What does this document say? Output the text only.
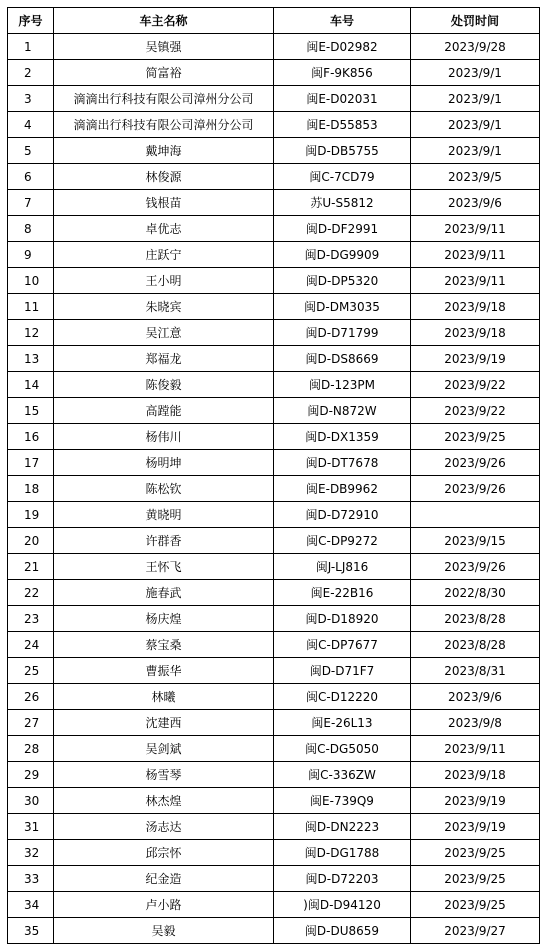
序号	车主名称	车号	处罚时间
1	吴镇强	闽E-D02982	2023/9/28
2	简富裕	闽F-9K856	2023/9/1
3	滴滴出行科技有限公司漳州分公司	闽E-D02031	2023/9/1
4	滴滴出行科技有限公司漳州分公司	闽E-D55853	2023/9/1
5	戴坤海	闽D-DB5755	2023/9/1
6	林俊源	闽C-7CD79	2023/9/5
7	钱根苗	苏U-S5812	2023/9/6
8	卓优志	闽D-DF2991	2023/9/11
9	庄跃宁	闽D-DG9909	2023/9/11
10	王小明	闽D-DP5320	2023/9/11
11	朱晓宾	闽D-DM3035	2023/9/18
12	吴江意	闽D-D71799	2023/9/18
13	郑福龙	闽D-DS8669	2023/9/19
14	陈俊毅	闽D-123PM	2023/9/22
15	高蹚能	闽D-N872W	2023/9/22
16	杨伟川	闽D-DX1359	2023/9/25
17	杨明坤	闽D-DT7678	2023/9/26
18	陈松钦	闽E-DB9962	2023/9/26
19	黄晓明	闽D-D72910	
20	许群香	闽C-DP9272	2023/9/15
21	王怀飞	闽J-LJ816	2023/9/26
22	施春武	闽E-22B16	2022/8/30
23	杨庆煌	闽D-D18920	2023/8/28
24	蔡宝桑	闽C-DP7677	2023/8/28
25	曹振华	闽D-D71F7	2023/8/31
26	林曦	闽C-D12220	2023/9/6
27	沈建西	闽E-26L13	2023/9/8
28	吴剑斌	闽C-DG5050	2023/9/11
29	杨雪琴	闽C-336ZW	2023/9/18
30	林杰煌	闽E-739Q9	2023/9/19
31	汤志达	闽D-DN2223	2023/9/19
32	邱宗怀	闽D-DG1788	2023/9/25
33	纪金造	闽D-D72203	2023/9/25
34	卢小路	)闽D-D94120	2023/9/25
35	吴毅	闽D-DU8659	2023/9/27
